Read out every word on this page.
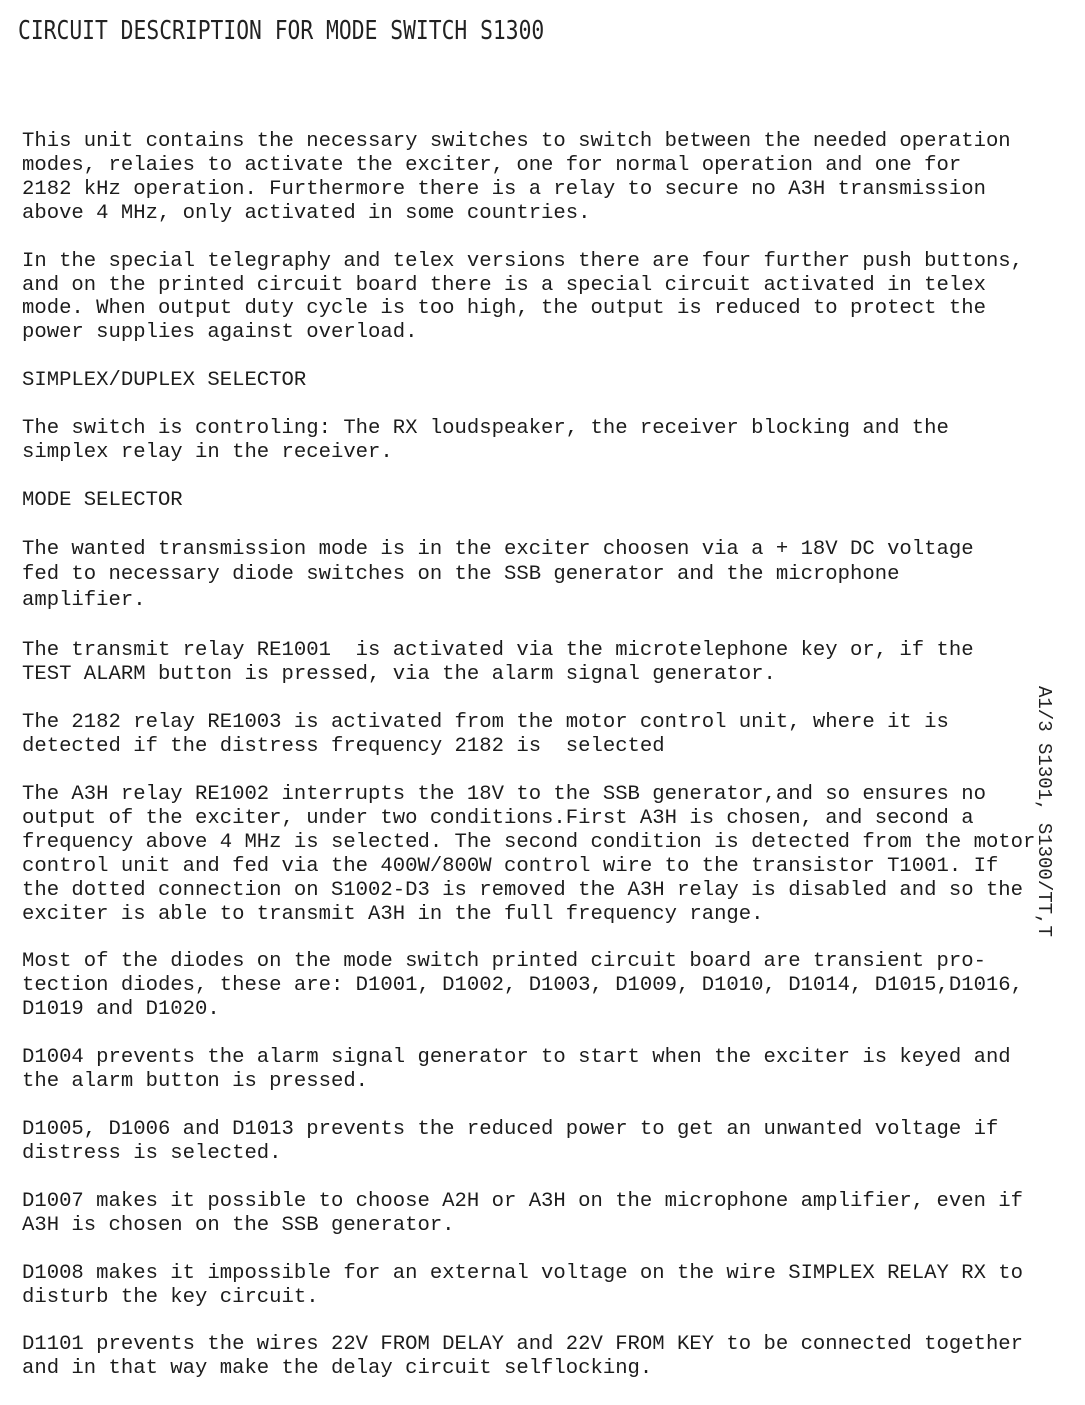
CIRCUIT DESCRIPTION FOR MODE SWITCH S1300

This unit contains the necessary switches to switch between the needed operation
modes, relaies to activate the exciter, one for normal operation and one for
2182 kHz operation. Furthermore there is a relay to secure no A3H transmission
above 4 MHz, only activated in some countries.

In the special telegraphy and telex versions there are four further push buttons,
and on the printed circuit board there is a special circuit activated in telex
mode. When output duty cycle is too high, the output is reduced to protect the
power supplies against overload.

SIMPLEX/DUPLEX SELECTOR

The switch is controling: The RX loudspeaker, the receiver blocking and the
simplex relay in the receiver.

MODE SELECTOR

The wanted transmission mode is in the exciter choosen via a + 18V DC voltage
fed to necessary diode switches on the SSB generator and the microphone
amplifier.

The transmit relay RE1001  is activated via the microtelephone key or, if the
TEST ALARM button is pressed, via the alarm signal generator.

The 2182 relay RE1003 is activated from the motor control unit, where it is
detected if the distress frequency 2182 is  selected

The A3H relay RE1002 interrupts the 18V to the SSB generator,and so ensures no
output of the exciter, under two conditions.First A3H is chosen, and second a
frequency above 4 MHz is selected. The second condition is detected from the motor
control unit and fed via the 400W/800W control wire to the transistor T1001. If
the dotted connection on S1002-D3 is removed the A3H relay is disabled and so the
exciter is able to transmit A3H in the full frequency range.

Most of the diodes on the mode switch printed circuit board are transient pro-
tection diodes, these are: D1001, D1002, D1003, D1009, D1010, D1014, D1015,D1016,
D1019 and D1020.

D1004 prevents the alarm signal generator to start when the exciter is keyed and
the alarm button is pressed.

D1005, D1006 and D1013 prevents the reduced power to get an unwanted voltage if
distress is selected.

D1007 makes it possible to choose A2H or A3H on the microphone amplifier, even if
A3H is chosen on the SSB generator.

D1008 makes it impossible for an external voltage on the wire SIMPLEX RELAY RX to
disturb the key circuit.

D1101 prevents the wires 22V FROM DELAY and 22V FROM KEY to be connected together
and in that way make the delay circuit selflocking.

A1/3 S1301, S1300/TT,T
